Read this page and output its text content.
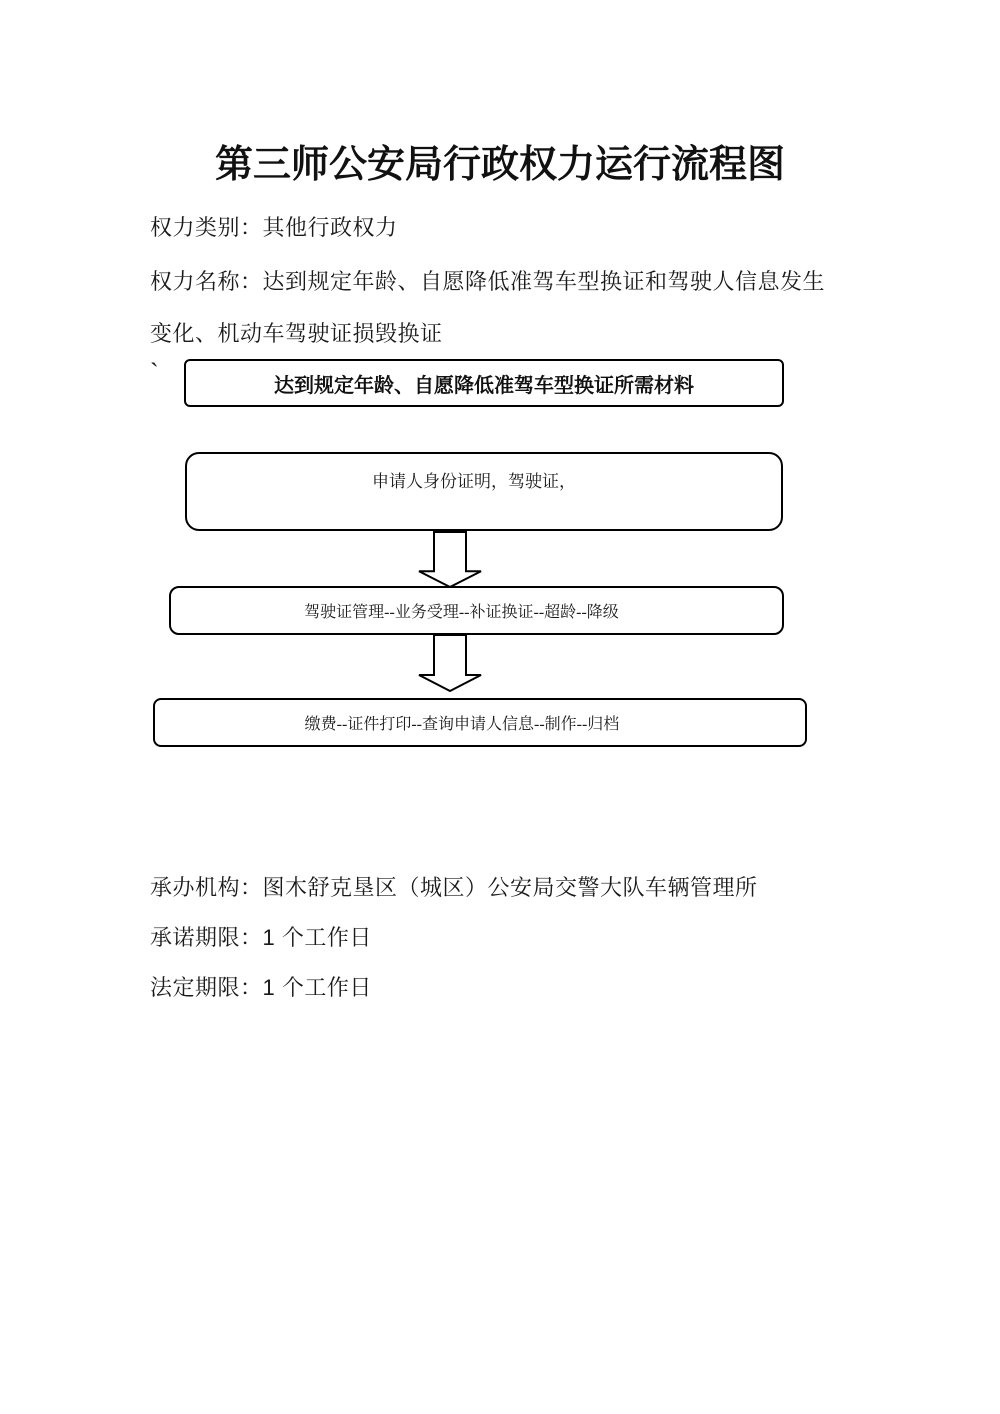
第三师公安局行政权力运行流程图
权力类别：其他行政权力
权力名称：达到规定年龄、自愿降低准驾车型换证和驾驶人信息发生
变化、机动车驾驶证损毁换证
`	达到规定年龄、自愿降低准驾车型换证所需材料
申请人身份证明，驾驶证，
驾驶证管理--业务受理--补证换证--超龄--降级
缴费--证件打印--查询申请人信息--制作--归档
承办机构：图木舒克垦区（城区）公安局交警大队车辆管理所
承诺期限：1 个工作日
法定期限：1 个工作日
